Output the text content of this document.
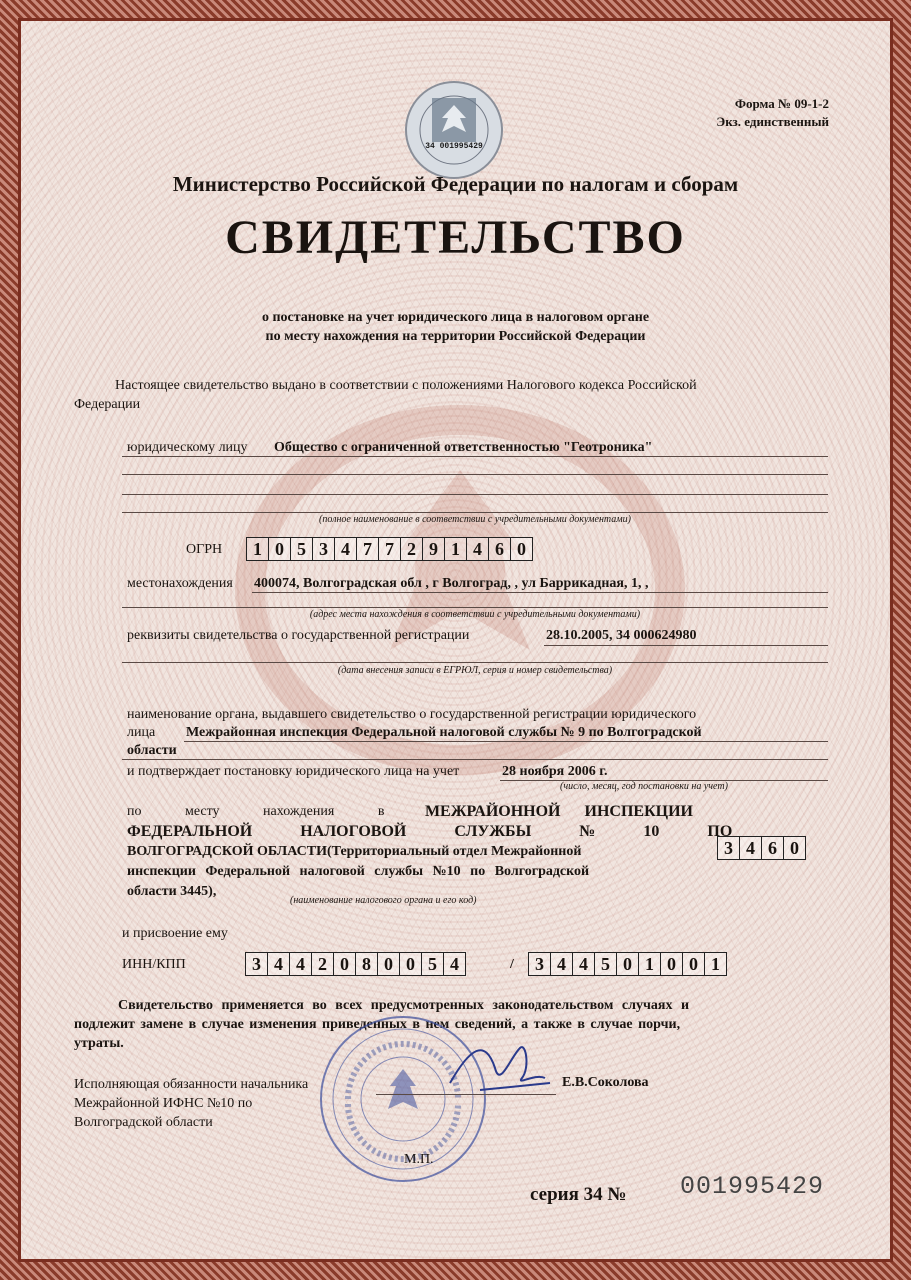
34 001995429
Форма № 09-1-2
Экз. единственный
Министерство Российской Федерации по налогам и сборам
СВИДЕТЕЛЬСТВО
о постановке на учет юридического лица в налоговом органе
по месту нахождения на территории Российской Федерации
Настоящее свидетельство выдано в соответствии с положениями Налогового кодекса Российской
Федерации
юридическому лицу Общество с ограниченной ответственностью "Геотроника"
(полное наименование в соответствии с учредительными документами)
ОГРН	1 0 5 3 4 7 7 2 9 1 4 6 0
местонахождения 400074, Волгоградская обл , г Волгоград, , ул Баррикадная, 1, ,
(адрес места нахождения в соответствии с учредительными документами)
реквизиты свидетельства о государственной регистрации	28.10.2005, 34 000624980
(дата внесения записи в ЕГРЮЛ, серия и номер свидетельства)
наименование органа, выдавшего свидетельство о государственной регистрации юридического
лица Межрайонная инспекция Федеральной налоговой службы № 9 по Волгоградской
области
и подтверждает постановку юридического лица на учет	28 ноября 2006 г.
(число, месяц, год постановки на учет)
по месту нахождения в	МЕЖРАЙОННОЙ ИНСПЕКЦИИ
ФЕДЕРАЛЬНОЙ НАЛОГОВОЙ СЛУЖБЫ № 10 ПО
ВОЛГОГРАДСКОЙ ОБЛАСТИ(Территориальный отдел Межрайонной
инспекции Федеральной налоговой службы №10 по Волгоградской
области 3445),
3 4 6 0
(наименование налогового органа и его код)
и присвоение ему
ИНН/КПП	3 4 4 2 0 8 0 0 5 4	/	3 4 4 5 0 1 0 0 1
Свидетельство применяется во всех предусмотренных законодательством случаях и
подлежит замене в случае изменения приведенных в нем сведений, а также в случае порчи,
утраты.
Исполняющая обязанности начальника
Межрайонной ИФНС №10 по
Волгоградской области
Е.В.Соколова
М.П.
серия 34 № 001995429
